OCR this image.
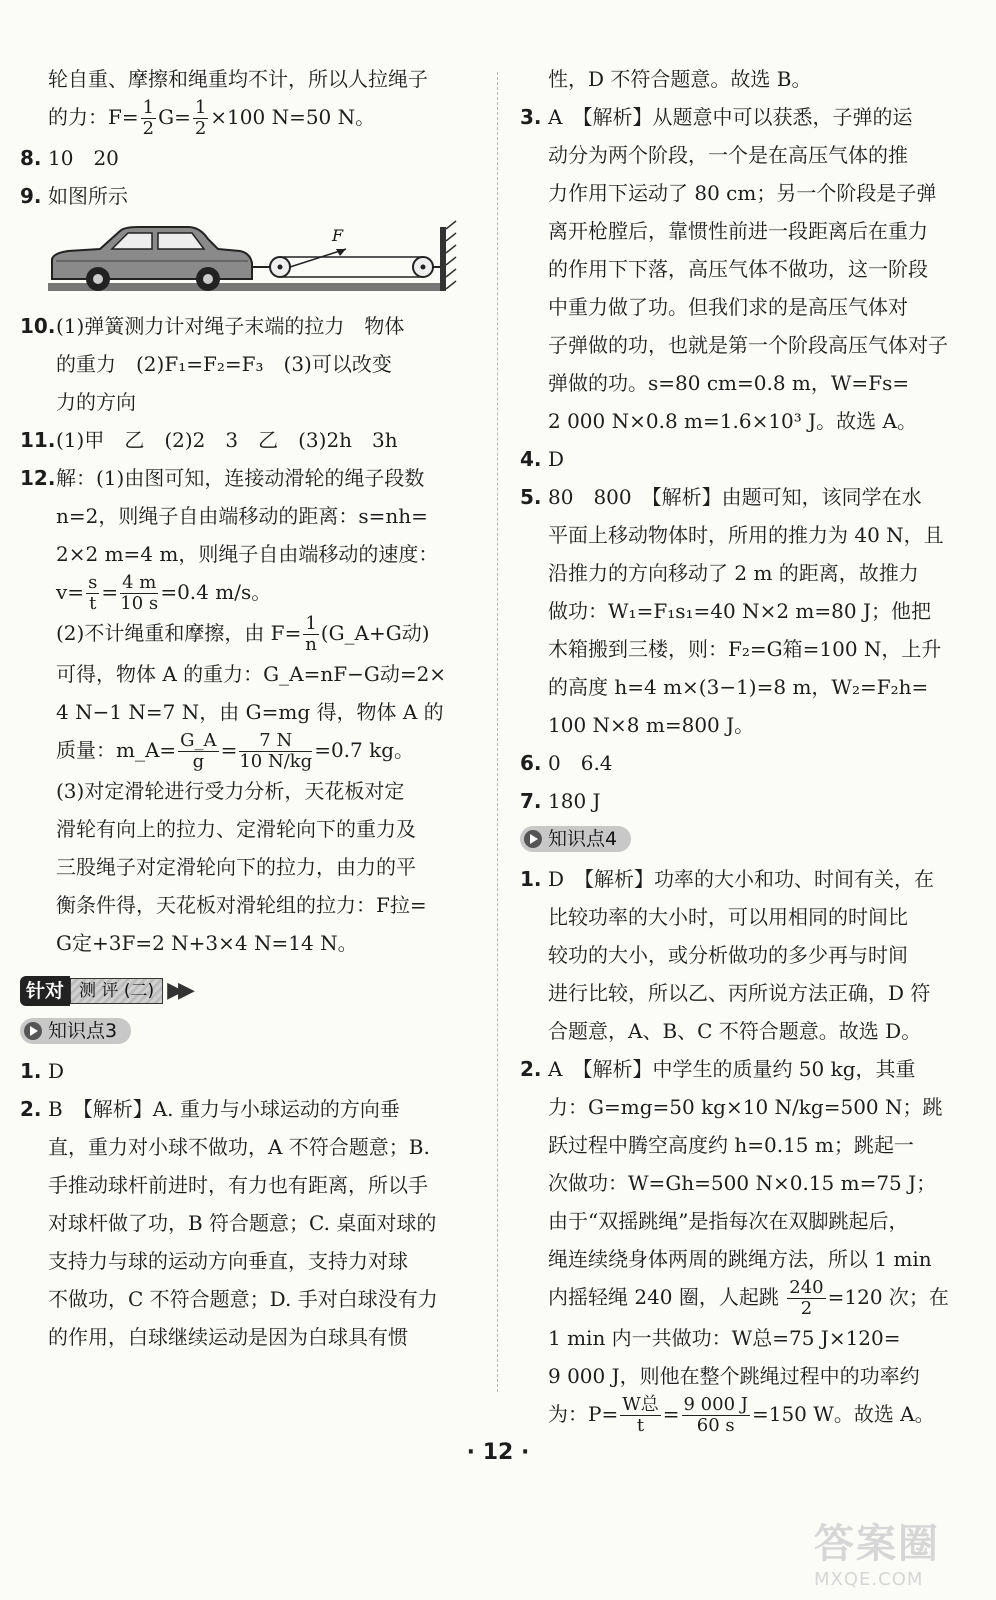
轮自重、摩擦和绳重均不计，所以人拉绳子

的力：$F= \frac{1}{2} G= \frac{1}{2} \times 100$ N=50 N。

8. 10　20

9. 如图所示

F

10. (1)弹簧测力计对绳子末端的拉力　物体

的重力　(2)F₁=F₂=F₃　(3)可以改变

力的方向

11. (1)甲　乙　(2)2　3　乙　(3)2h　3h

12. 解：(1)由图可知，连接动滑轮的绳子段数

n=2，则绳子自由端移动的距离：s=nh=

2×2 m=4 m，则绳子自由端移动的速度：

$v= \frac{s}{t} = \frac{4 m}{10 s} =0.4$ m/s。

(2)不计绳重和摩擦，由 $F= \frac{1}{n}$ (G_A+G动)

可得，物体 A 的重力：G_A=nF−G动=2×

4 N−1 N=7 N，由 G=mg 得，物体 A 的

质量：m_A= $\frac{G\_A}{g} = \frac{7 N}{10 N/kg} =0.7$ kg。

(3)对定滑轮进行受力分析，天花板对定

滑轮有向上的拉力、定滑轮向下的重力及

三股绳子对定滑轮向下的拉力，由力的平

衡条件得，天花板对滑轮组的拉力：F拉=

G定+3F=2 N+3×4 N=14 N。

针对 测 评 (二) ▶▶
知识点3

1. D

2. B　【解析】A. 重力与小球运动的方向垂

直，重力对小球不做功，A 不符合题意；B.

手推动球杆前进时，有力也有距离，所以手

对球杆做了功，B 符合题意；C. 桌面对球的

支持力与球的运动方向垂直，支持力对球

不做功，C 不符合题意；D. 手对白球没有力

的作用，白球继续运动是因为白球具有惯

性，D 不符合题意。故选 B。

3. A　【解析】从题意中可以获悉，子弹的运

动分为两个阶段，一个是在高压气体的推

力作用下运动了 80 cm；另一个阶段是子弹

离开枪膛后，靠惯性前进一段距离后在重力

的作用下下落，高压气体不做功，这一阶段

中重力做了功。但我们求的是高压气体对

子弹做的功，也就是第一个阶段高压气体对子

弹做的功。s=80 cm=0.8 m，W=Fs=

2 000 N×0.8 m=1.6×10³ J。故选 A。

4. D

5. 80　800　【解析】由题可知，该同学在水

平面上移动物体时，所用的推力为 40 N，且

沿推力的方向移动了 2 m 的距离，故推力

做功：W₁=F₁s₁=40 N×2 m=80 J；他把

木箱搬到三楼，则：F₂=G箱=100 N，上升

的高度 h=4 m×(3−1)=8 m，W₂=F₂h=

100 N×8 m=800 J。

6. 0　6.4

7. 180 J

知识点4

1. D　【解析】功率的大小和功、时间有关，在

比较功率的大小时，可以用相同的时间比

较功的大小，或分析做功的多少再与时间

进行比较，所以乙、丙所说方法正确，D 符

合题意，A、B、C 不符合题意。故选 D。

2. A　【解析】中学生的质量约 50 kg，其重

力：G=mg=50 kg×10 N/kg=500 N；跳

跃过程中腾空高度约 h=0.15 m；跳起一

次做功：W=Gh=500 N×0.15 m=75 J；

由于“双摇跳绳”是指每次在双脚跳起后，

绳连续绕身体两周的跳绳方法，所以 1 min

内摇轻绳 240 圈，人起跳 $\frac{240}{2} =120$ 次；在

1 min 内一共做功：W总=75 J×120=

9 000 J，则他在整个跳绳过程中的功率约

为：$P= \frac{\text{W总}}{t} = \frac{9 000 J}{60 s} =150$ W。故选 A。

· 12 ·
答案圈
MXQE.COM
